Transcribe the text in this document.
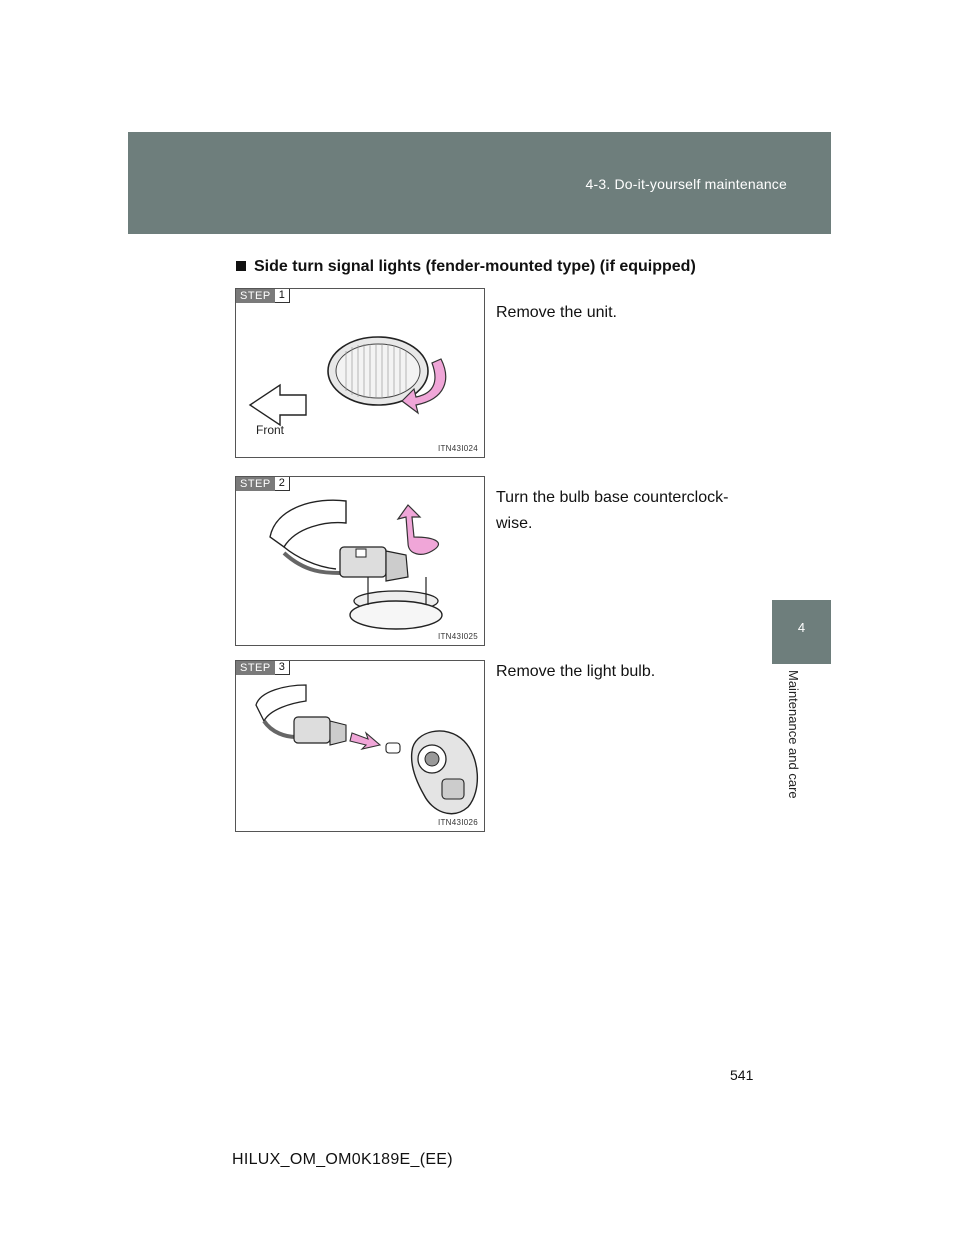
4-3. Do-it-yourself maintenance
4
Maintenance and care
Side turn signal lights (fender-mounted type) (if equipped)
STEP 1
Front
ITN43I024
STEP 2
ITN43I025
STEP 3
ITN43I026

Remove the unit.

Turn the bulb base counterclock-wise.

Remove the light bulb.

541
HILUX_OM_OM0K189E_(EE)
